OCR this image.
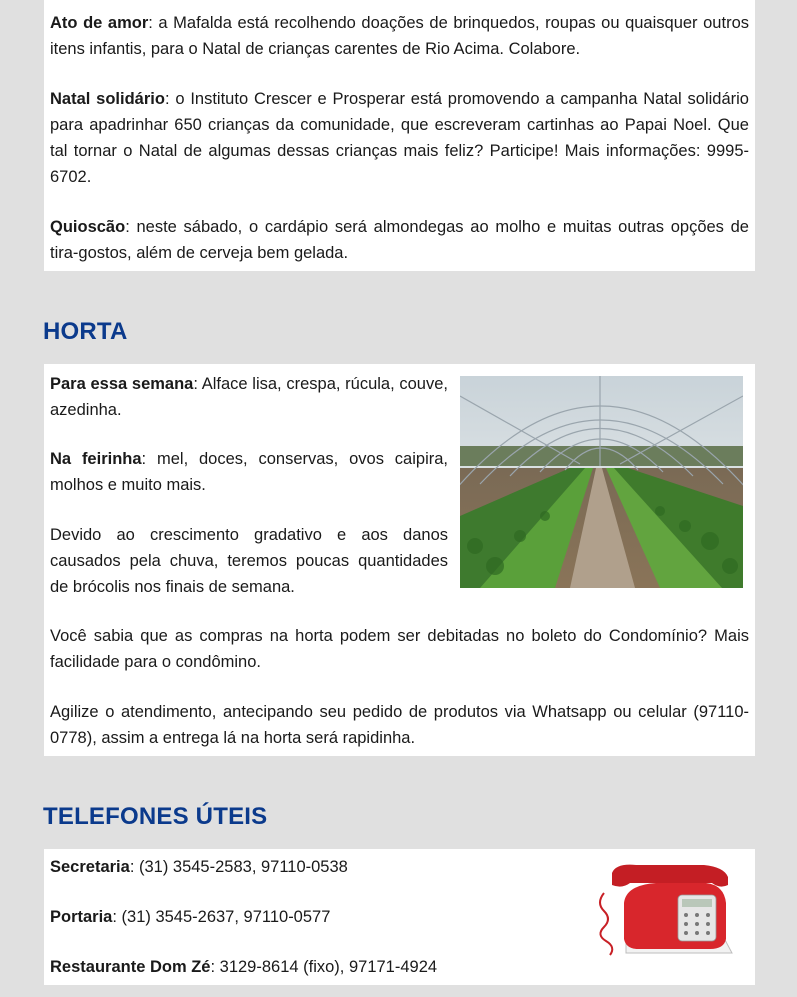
Ato de amor: a Mafalda está recolhendo doações de brinquedos, roupas ou quaisquer outros itens infantis, para o Natal de crianças carentes de Rio Acima. Colabore.

Natal solidário: o Instituto Crescer e Prosperar está promovendo a campanha Natal solidário para apadrinhar 650 crianças da comunidade, que escreveram cartinhas ao Papai Noel. Que tal tornar o Natal de algumas dessas crianças mais feliz? Participe! Mais informações: 9995-6702.

Quioscão: neste sábado, o cardápio será almondegas ao molho e muitas outras opções de tira-gostos, além de cerveja bem gelada.

HORTA

Para essa semana: Alface lisa, crespa, rúcula, couve, azedinha.

Na feirinha: mel, doces, conservas, ovos caipira, molhos e muito mais.

Devido ao crescimento gradativo e aos danos causados pela chuva, teremos poucas quantidades de brócolis nos finais de semana.

Você sabia que as compras na horta podem ser debitadas no boleto do Condomínio? Mais facilidade para o condômino.

Agilize o atendimento, antecipando seu pedido de produtos via Whatsapp ou celular (97110-0778), assim a entrega lá na horta será rapidinha.

TELEFONES ÚTEIS

Secretaria: (31) 3545-2583, 97110-0538

Portaria: (31) 3545-2637, 97110-0577

Restaurante Dom Zé: 3129-8614 (fixo), 97171-4924
